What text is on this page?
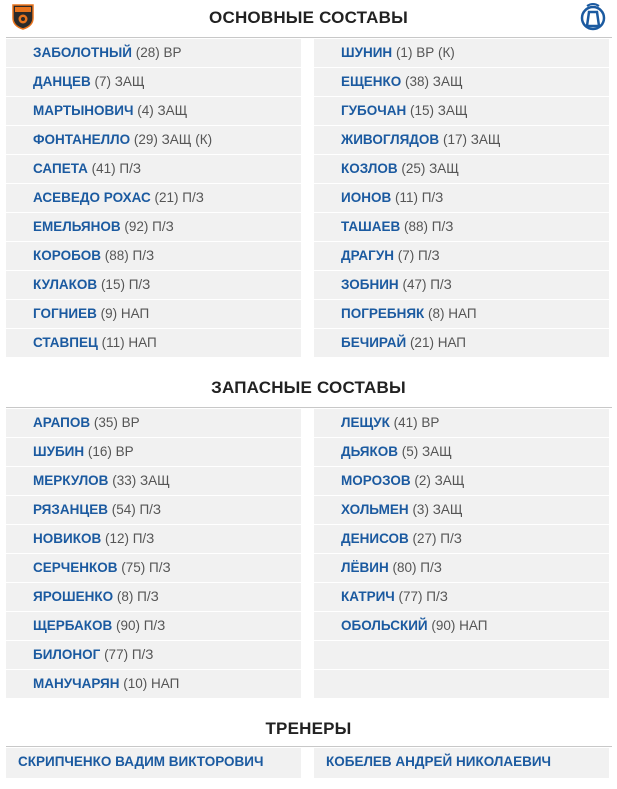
ОСНОВНЫЕ СОСТАВЫ
ЗАБОЛОТНЫЙ (28) ВР
ДАНЦЕВ (7) ЗАЩ
МАРТЫНОВИЧ (4) ЗАЩ
ФОНТАНЕЛЛО (29) ЗАЩ (К)
САПЕТА (41) П/З
АСЕВЕДО РОХАС (21) П/З
ЕМЕЛЬЯНОВ (92) П/З
КОРОБОВ (88) П/З
КУЛАКОВ (15) П/З
ГОГНИЕВ (9) НАП
СТАВПЕЦ (11) НАП
ШУНИН (1) ВР (К)
ЕЩЕНКО (38) ЗАЩ
ГУБОЧАН (15) ЗАЩ
ЖИВОГЛЯДОВ (17) ЗАЩ
КОЗЛОВ (25) ЗАЩ
ИОНОВ (11) П/З
ТАШАЕВ (88) П/З
ДРАГУН (7) П/З
ЗОБНИН (47) П/З
ПОГРЕБНЯК (8) НАП
БЕЧИРАЙ (21) НАП
ЗАПАСНЫЕ СОСТАВЫ
АРАПОВ (35) ВР
ШУБИН (16) ВР
МЕРКУЛОВ (33) ЗАЩ
РЯЗАНЦЕВ (54) П/З
НОВИКОВ (12) П/З
СЕРЧЕНКОВ (75) П/З
ЯРОШЕНКО (8) П/З
ЩЕРБАКОВ (90) П/З
БИЛОНОГ (77) П/З
МАНУЧАРЯН (10) НАП
ЛЕЩУК (41) ВР
ДЬЯКОВ (5) ЗАЩ
МОРОЗОВ (2) ЗАЩ
ХОЛЬМЕН (3) ЗАЩ
ДЕНИСОВ (27) П/З
ЛЁВИН (80) П/З
КАТРИЧ (77) П/З
ОБОЛЬСКИЙ (90) НАП
ТРЕНЕРЫ
СКРИПЧЕНКО ВАДИМ ВИКТОРОВИЧ	КОБЕЛЕВ АНДРЕЙ НИКОЛАЕВИЧ
